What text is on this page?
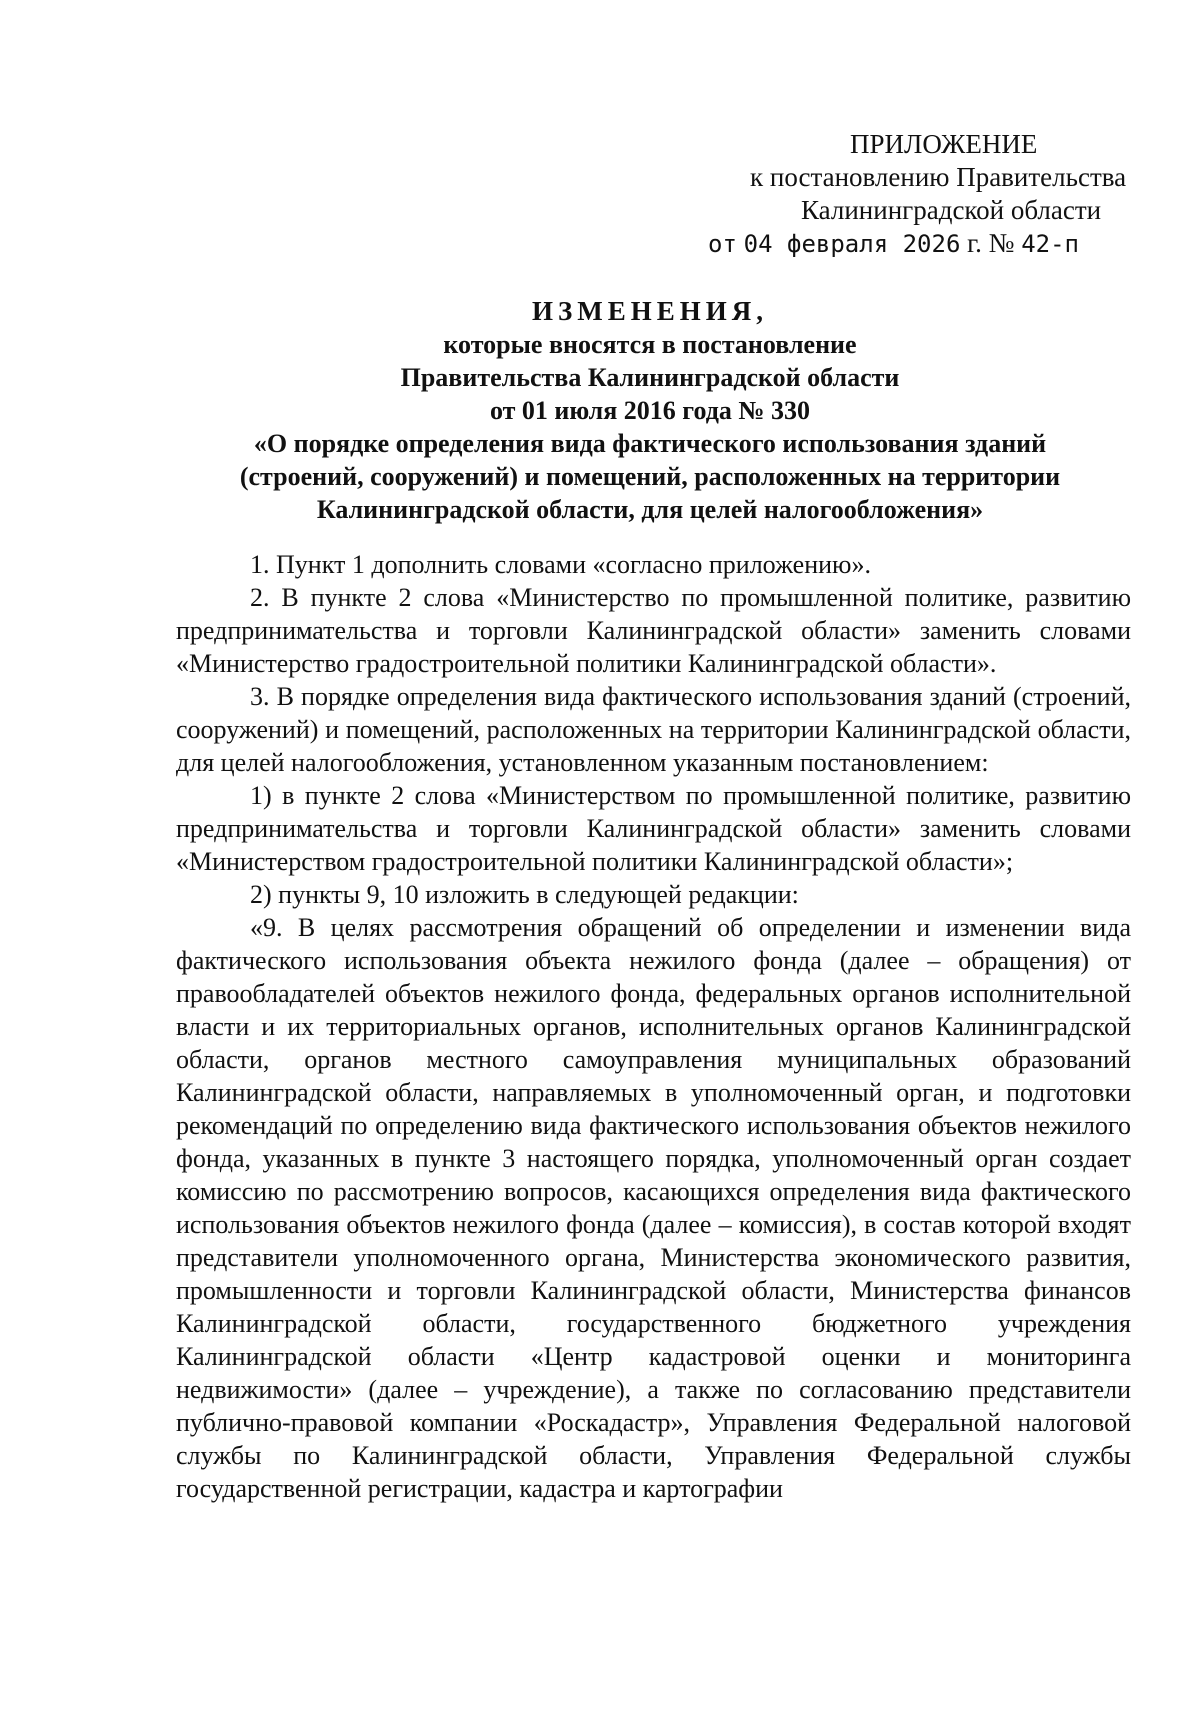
ПРИЛОЖЕНИЕ
к постановлению Правительства
Калининградской области
от 04 февраля 2026 г. № 42-п
ИЗМЕНЕНИЯ,
которые вносятся в постановление
Правительства Калининградской области
от 01 июля 2016 года № 330
«О порядке определения вида фактического использования зданий
(строений, сооружений) и помещений, расположенных на территории
Калининградской области, для целей налогообложения»

1. Пункт 1 дополнить словами «согласно приложению».

2. В пункте 2 слова «Министерство по промышленной политике, развитию предпринимательства и торговли Калининградской области» заменить словами «Министерство градостроительной политики Калининградской области».

3. В порядке определения вида фактического использования зданий (строений, сооружений) и помещений, расположенных на территории Калининградской области, для целей налогообложения, установленном указанным постановлением:

1) в пункте 2 слова «Министерством по промышленной политике, развитию предпринимательства и торговли Калининградской области» заменить словами «Министерством градостроительной политики Калининградской области»;

2) пункты 9, 10 изложить в следующей редакции:

«9. В целях рассмотрения обращений об определении и изменении вида фактического использования объекта нежилого фонда (далее – обращения) от правообладателей объектов нежилого фонда, федеральных органов исполнительной власти и их территориальных органов, исполнительных органов Калининградской области, органов местного самоуправления муниципальных образований Калининградской области, направляемых в уполномоченный орган, и подготовки рекомендаций по определению вида фактического использования объектов нежилого фонда, указанных в пункте 3 настоящего порядка, уполномоченный орган создает комиссию по рассмотрению вопросов, касающихся определения вида фактического использования объектов нежилого фонда (далее – комиссия), в состав которой входят представители уполномоченного органа, Министерства экономического развития, промышленности и торговли Калининградской области, Министерства финансов Калининградской области, государственного бюджетного учреждения Калининградской области «Центр кадастровой оценки и мониторинга недвижимости» (далее – учреждение), а также по согласованию представители публично-правовой компании «Роскадастр», Управления Федеральной налоговой службы по Калининградской области, Управления Федеральной службы государственной регистрации, кадастра и картографии
